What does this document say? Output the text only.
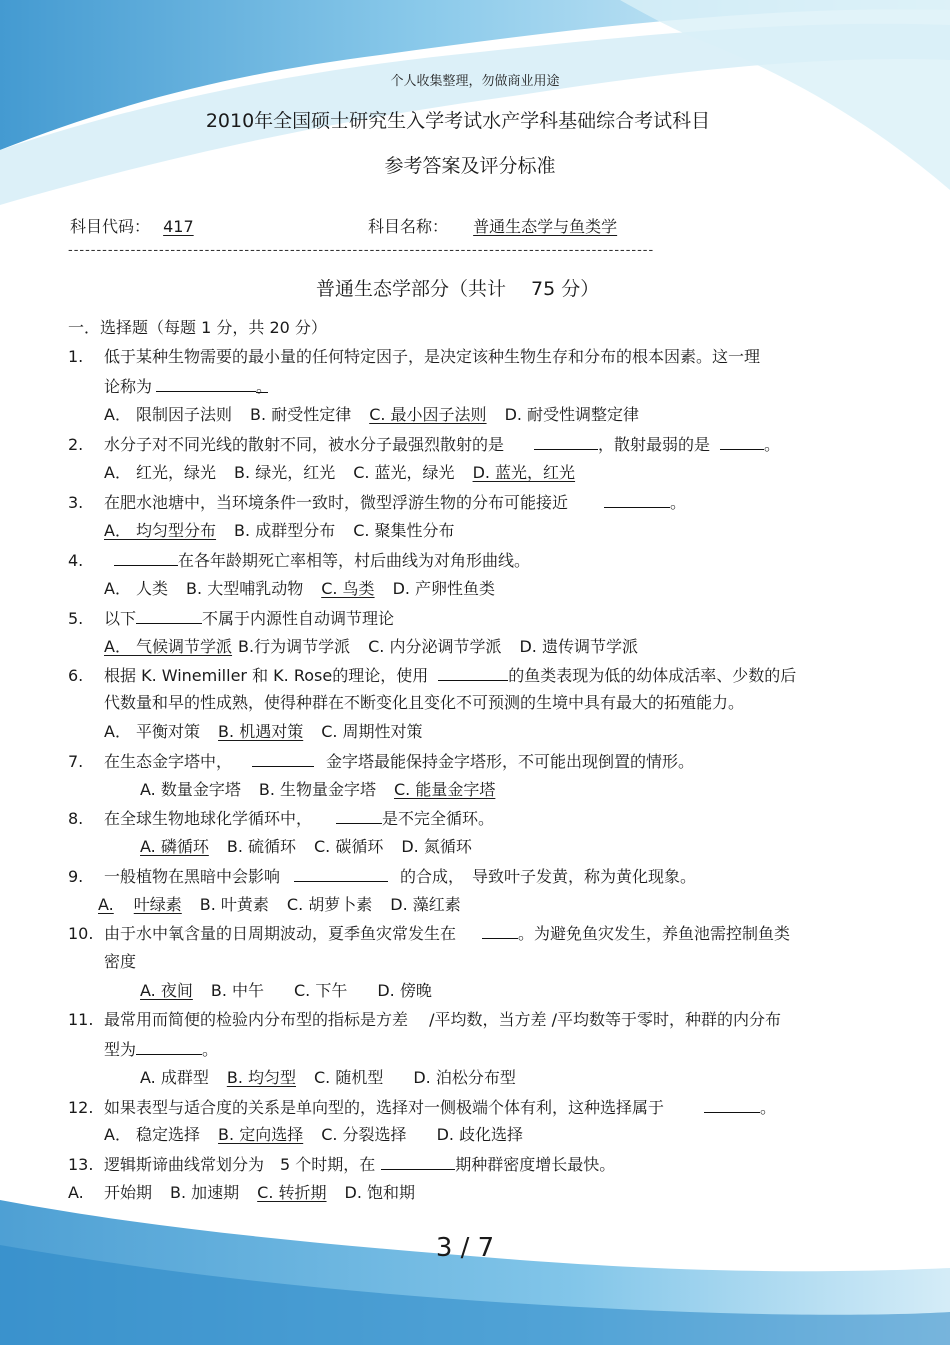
个人收集整理，勿做商业用途
2010年全国硕士研究生入学考试水产学科基础综合考试科目
参考答案及评分标准
科目代码： 417	科目名称： 普通生态学与鱼类学
-------------------------------------------------------------------------------------------------------
普通生态学部分（共计　 75 分）
一．选择题（每题 1 分，共 20 分）
1. 低于某种生物需要的最小量的任何特定因子，是决定该种生物生存和分布的根本因素。这一理
论称为	。
A． 限制因子法则 B. 耐受性定律 C. 最小因子法则 D. 耐受性调整定律
2. 水分子对不同光线的散射不同，被水分子最强烈散射的是	，散射最弱的是	。
A． 红光，绿光 B. 绿光，红光 C. 蓝光，绿光 D. 蓝光，红光
3. 在肥水池塘中，当环境条件一致时，微型浮游生物的分布可能接近	。
A． 均匀型分布 B. 成群型分布 C. 聚集性分布
4.	在各年龄期死亡率相等，村后曲线为对角形曲线。
A． 人类 B. 大型哺乳动物 C. 鸟类 D. 产卵性鱼类
5. 以下	不属于内源性自动调节理论
A． 气候调节学派 B.行为调节学派 C. 内分泌调节学派 D. 遗传调节学派
6. 根据 K. Winemiller 和 K. Rose的理论，使用	的鱼类表现为低的幼体成活率、少数的后
代数量和早的性成熟，使得种群在不断变化且变化不可预测的生境中具有最大的拓殖能力。
A． 平衡对策 B. 机遇对策 C. 周期性对策
7. 在生态金字塔中，	金字塔最能保持金字塔形，不可能出现倒置的情形。
A. 数量金字塔 B. 生物量金字塔 C. 能量金字塔
8. 在全球生物地球化学循环中，	是不完全循环。
A. 磷循环 B. 硫循环 C. 碳循环 D. 氮循环
9. 一般植物在黑暗中会影响	的合成，　导致叶子发黄，称为黄化现象。
A. 叶绿素 B. 叶黄素 C. 胡萝卜素 D. 藻红素
10. 由于水中氧含量的日周期波动，夏季鱼灾常发生在	。为避免鱼灾发生，养鱼池需控制鱼类
密度
A. 夜间 B. 中午 C. 下午 D. 傍晚
11. 最常用而简便的检验内分布型的指标是方差　 /平均数，当方差 /平均数等于零时，种群的内分布
型为	。
A. 成群型 B. 均匀型 C. 随机型 D. 泊松分布型
12. 如果表型与适合度的关系是单向型的，选择对一侧极端个体有利，这种选择属于	。
A． 稳定选择 B. 定向选择 C. 分裂选择 D. 歧化选择
13. 逻辑斯谛曲线常划分为　5 个时期，在	期种群密度增长最快。
A. 开始期 B. 加速期 C. 转折期 D. 饱和期
3 / 7
